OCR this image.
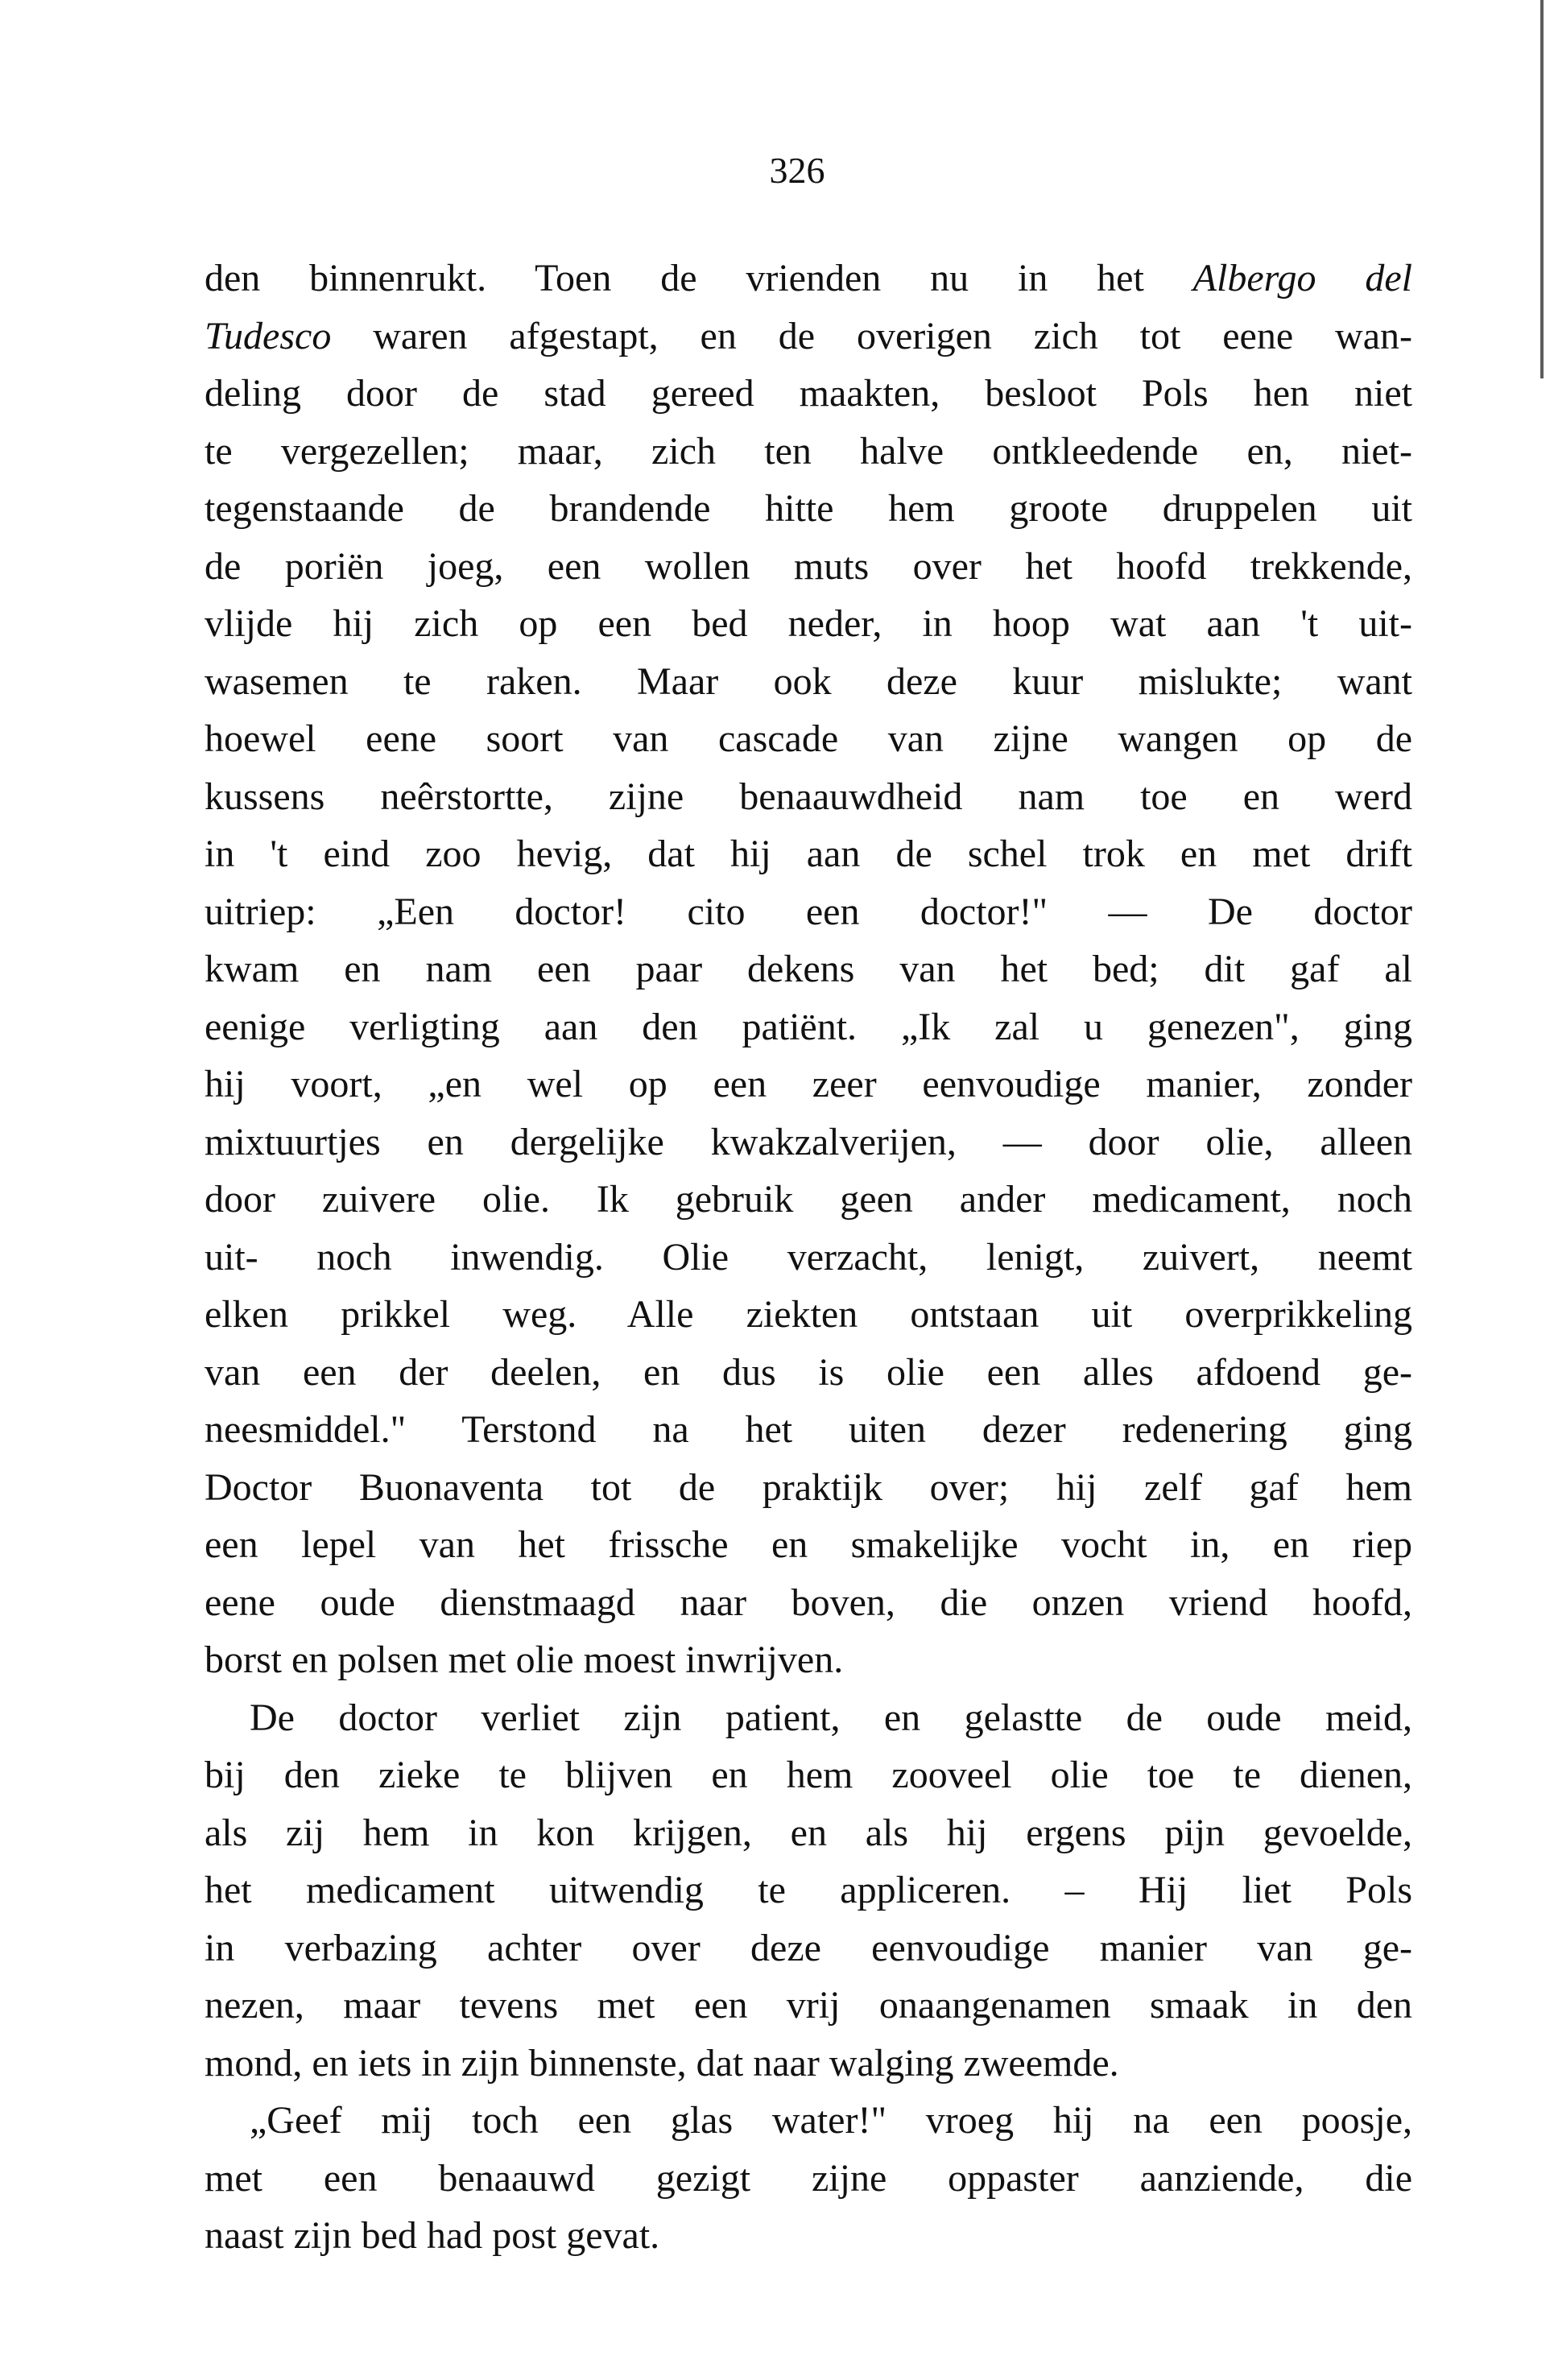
326
den binnenrukt. Toen de vrienden nu in het Albergo del
Tudesco waren afgestapt, en de overigen zich tot eene wan-
deling door de stad gereed maakten, besloot Pols hen niet
te vergezellen; maar, zich ten halve ontkleedende en, niet-
tegenstaande de brandende hitte hem groote druppelen uit
de poriën joeg, een wollen muts over het hoofd trekkende,
vlijde hij zich op een bed neder, in hoop wat aan 't uit-
wasemen te raken. Maar ook deze kuur mislukte; want
hoewel eene soort van cascade van zijne wangen op de
kussens neêrstortte, zijne benaauwdheid nam toe en werd
in 't eind zoo hevig, dat hij aan de schel trok en met drift
uitriep: „Een doctor! cito een doctor!" — De doctor
kwam en nam een paar dekens van het bed; dit gaf al
eenige verligting aan den patiënt. „Ik zal u genezen", ging
hij voort, „en wel op een zeer eenvoudige manier, zonder
mixtuurtjes en dergelijke kwakzalverijen, — door olie, alleen
door zuivere olie. Ik gebruik geen ander medicament, noch
uit- noch inwendig. Olie verzacht, lenigt, zuivert, neemt
elken prikkel weg. Alle ziekten ontstaan uit overprikkeling
van een der deelen, en dus is olie een alles afdoend ge-
neesmiddel." Terstond na het uiten dezer redenering ging
Doctor Buonaventa tot de praktijk over; hij zelf gaf hem
een lepel van het frissche en smakelijke vocht in, en riep
eene oude dienstmaagd naar boven, die onzen vriend hoofd,
borst en polsen met olie moest inwrijven.
De doctor verliet zijn patient, en gelastte de oude meid,
bij den zieke te blijven en hem zooveel olie toe te dienen,
als zij hem in kon krijgen, en als hij ergens pijn gevoelde,
het medicament uitwendig te appliceren. – Hij liet Pols
in verbazing achter over deze eenvoudige manier van ge-
nezen, maar tevens met een vrij onaangenamen smaak in den
mond, en iets in zijn binnenste, dat naar walging zweemde.
„Geef mij toch een glas water!" vroeg hij na een poosje,
met een benaauwd gezigt zijne oppaster aanziende, die
naast zijn bed had post gevat.
